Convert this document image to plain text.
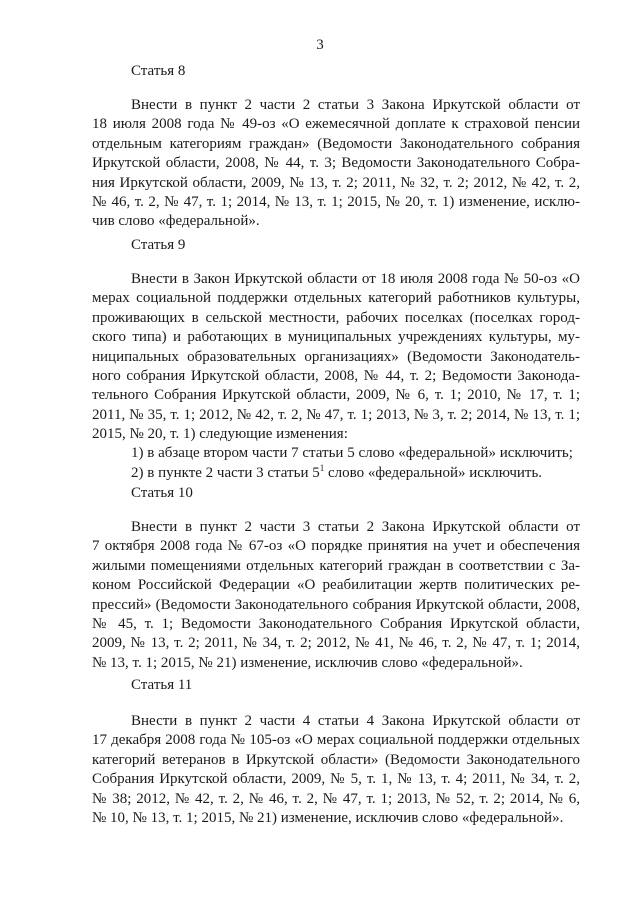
3
Статья 8
Внести в пункт 2 части 2 статьи 3 Закона Иркутской области от
18 июля 2008 года № 49-оз «О ежемесячной доплате к страховой пенсии
отдельным категориям граждан» (Ведомости Законодательного собрания
Иркутской области, 2008, № 44, т. 3; Ведомости Законодательного Собра-
ния Иркутской области, 2009, № 13, т. 2; 2011, № 32, т. 2; 2012, № 42, т. 2,
№ 46, т. 2, № 47, т. 1; 2014, № 13, т. 1; 2015, № 20, т. 1) изменение, исклю-
чив слово «федеральной».
Статья 9
Внести в Закон Иркутской области от 18 июля 2008 года № 50-оз «О
мерах социальной поддержки отдельных категорий работников культуры,
проживающих в сельской местности, рабочих поселках (поселках город-
ского типа) и работающих в муниципальных учреждениях культуры, му-
ниципальных образовательных организациях» (Ведомости Законодатель-
ного собрания Иркутской области, 2008, № 44, т. 2; Ведомости Законода-
тельного Собрания Иркутской области, 2009, № 6, т. 1; 2010, № 17, т. 1;
2011, № 35, т. 1; 2012, № 42, т. 2, № 47, т. 1; 2013, № 3, т. 2; 2014, № 13, т. 1;
2015, № 20, т. 1) следующие изменения:
1) в абзаце втором части 7 статьи 5 слово «федеральной» исключить;
2) в пункте 2 части 3 статьи $5^1$ слово «федеральной» исключить.
Статья 10
Внести в пункт 2 части 3 статьи 2 Закона Иркутской области от
7 октября 2008 года № 67-оз «О порядке принятия на учет и обеспечения
жилыми помещениями отдельных категорий граждан в соответствии с За-
коном Российской Федерации «О реабилитации жертв политических ре-
прессий» (Ведомости Законодательного собрания Иркутской области, 2008,
№ 45, т. 1; Ведомости Законодательного Собрания Иркутской области,
2009, № 13, т. 2; 2011, № 34, т. 2; 2012, № 41, № 46, т. 2, № 47, т. 1; 2014,
№ 13, т. 1; 2015, № 21) изменение, исключив слово «федеральной».
Статья 11
Внести в пункт 2 части 4 статьи 4 Закона Иркутской области от
17 декабря 2008 года № 105-оз «О мерах социальной поддержки отдельных
категорий ветеранов в Иркутской области» (Ведомости Законодательного
Собрания Иркутской области, 2009, № 5, т. 1, № 13, т. 4; 2011, № 34, т. 2,
№ 38; 2012, № 42, т. 2, № 46, т. 2, № 47, т. 1; 2013, № 52, т. 2; 2014, № 6,
№ 10, № 13, т. 1; 2015, № 21) изменение, исключив слово «федеральной».
